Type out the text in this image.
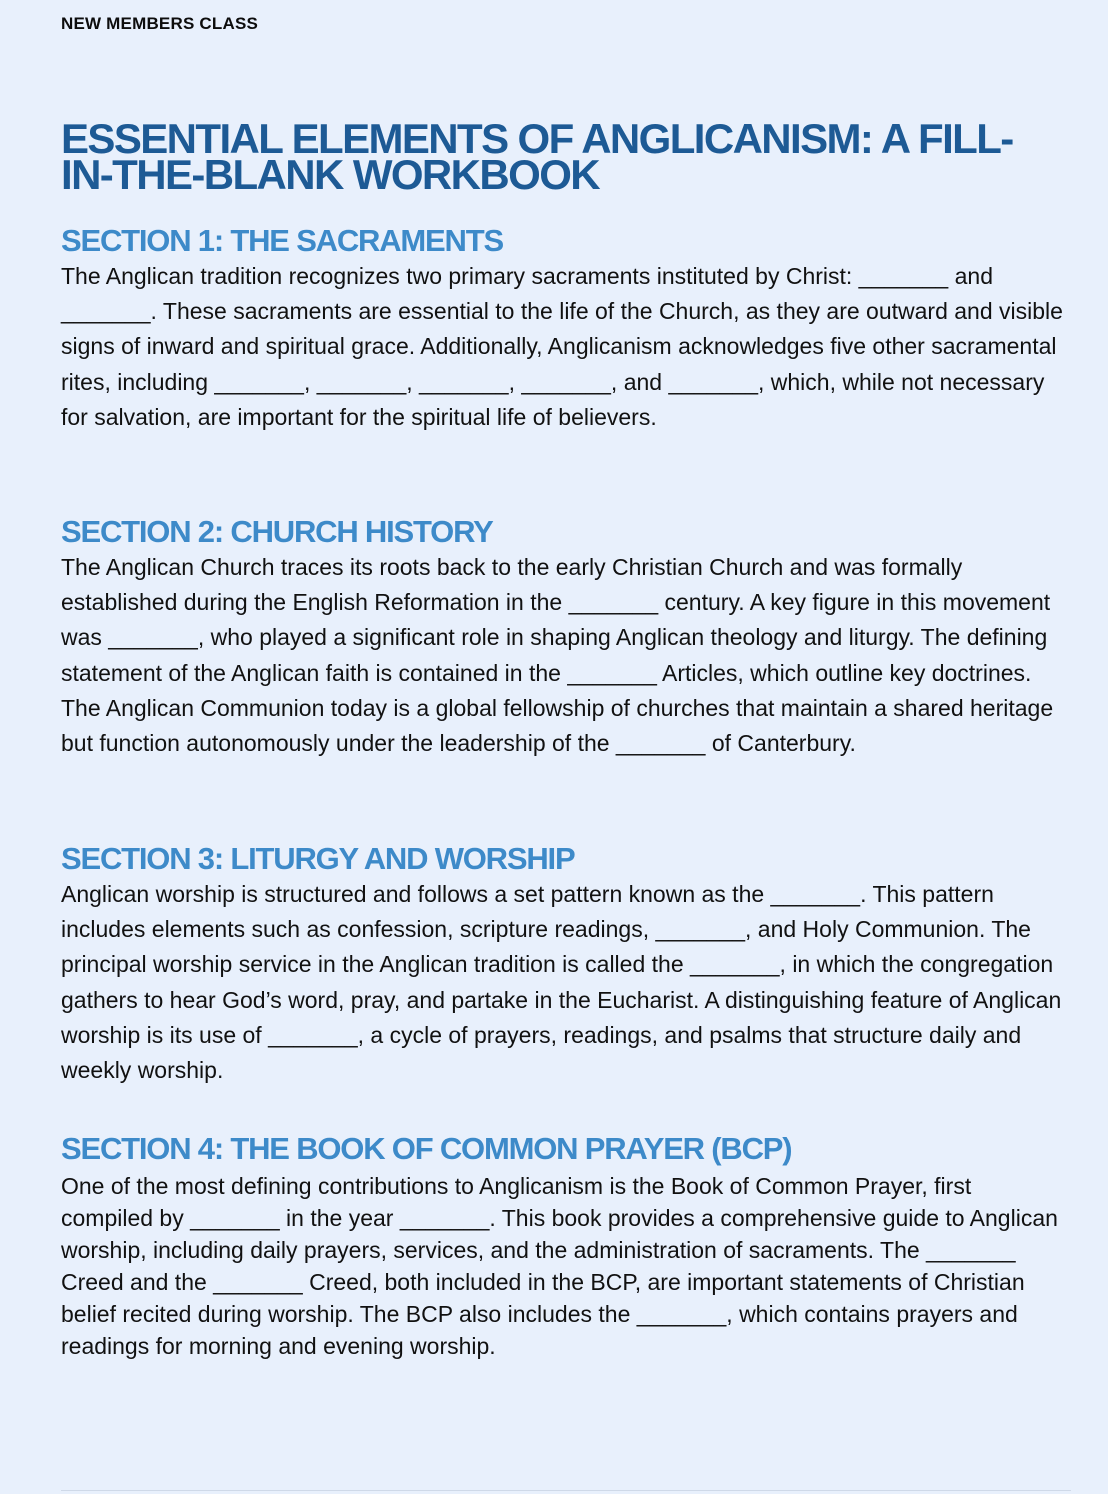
NEW MEMBERS CLASS
ESSENTIAL ELEMENTS OF ANGLICANISM: A FILL-IN-THE-BLANK WORKBOOK
SECTION 1: THE SACRAMENTS

The Anglican tradition recognizes two primary sacraments instituted by Christ: _______ and _______. These sacraments are essential to the life of the Church, as they are outward and visible signs of inward and spiritual grace. Additionally, Anglicanism acknowledges five other sacramental rites, including _______, _______, _______, _______, and _______, which, while not necessary for salvation, are important for the spiritual life of believers.

SECTION 2: CHURCH HISTORY

The Anglican Church traces its roots back to the early Christian Church and was formally established during the English Reformation in the _______ century. A key figure in this movement was _______, who played a significant role in shaping Anglican theology and liturgy. The defining statement of the Anglican faith is contained in the _______ Articles, which outline key doctrines. The Anglican Communion today is a global fellowship of churches that maintain a shared heritage but function autonomously under the leadership of the _______ of Canterbury.

SECTION 3: LITURGY AND WORSHIP

Anglican worship is structured and follows a set pattern known as the _______. This pattern includes elements such as confession, scripture readings, _______, and Holy Communion. The principal worship service in the Anglican tradition is called the _______, in which the congregation gathers to hear God’s word, pray, and partake in the Eucharist. A distinguishing feature of Anglican worship is its use of _______, a cycle of prayers, readings, and psalms that structure daily and weekly worship.

SECTION 4: THE BOOK OF COMMON PRAYER (BCP)

One of the most defining contributions to Anglicanism is the Book of Common Prayer, first compiled by _______ in the year _______. This book provides a comprehensive guide to Anglican worship, including daily prayers, services, and the administration of sacraments. The _______ Creed and the _______ Creed, both included in the BCP, are important statements of Christian belief recited during worship. The BCP also includes the _______, which contains prayers and readings for morning and evening worship.
